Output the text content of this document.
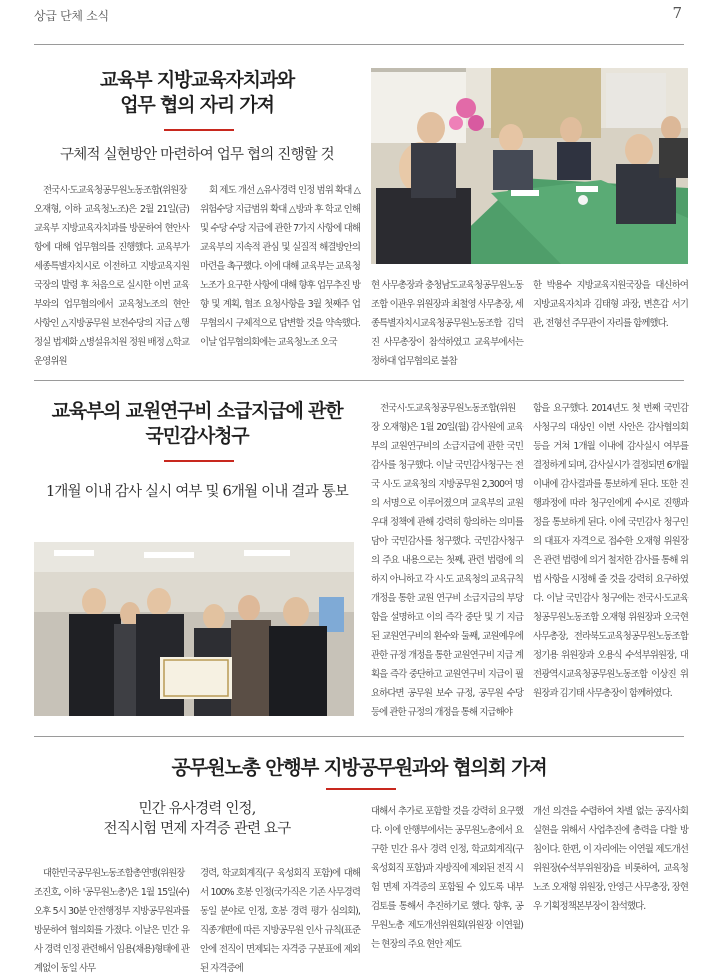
상급 단체 소식	7
교육부 지방교육자치과와
업무 협의 자리 가져
구체적 실현방안 마련하여 업무 협의 진행할 것

전국시·도교육청공무원노동조합(위원장 오재형, 이하 교육청노조)은 2월 21일(금) 교육부 지방교육자치과를 방문하여 현안사항에 대해 업무협의를 진행했다. 교육부가 세종특별자치시로 이전하고 지방교육지원국장의 발령 후 처음으로 실시한 이번 교육부와의 업무협의에서 교육청노조의 현안 사항인 △지방공무원 보전수당의 지급 △행정실 법제화 △병설유치원 정원 배정 △학교운영위원

회 제도 개선 △유사경력 인정 범위 확대 △위험수당 지급범위 확대 △방과 후 학교 인해 및 수당 수당 지급에 관한 7가지 사항에 대해 교육부의 지속적 관심 및 실질적 해결방안의 마련을 촉구했다. 이에 대해 교육부는 교육청노조가 요구한 사항에 대해 향후 업무추진 방향 및 계획, 협조 요청사항을 3월 첫째주 업무협의시 구체적으로 답변할 것을 약속했다. 이날 업무협의회에는 교육청노조 오국

현 사무총장과 충청남도교육청공무원노동조합 이관우 위원장과 최철영 사무총장, 세종특별자치시교육청공무원노동조합 김덕진 사무총장이 참석하였고 교육부에서는 정하대 업무협의로 불참

한 박용수 지방교육지원국장을 대신하여 지방교육자치과 김태형 과장, 변흔갑 서기관, 전형선 주무관이 자리를 함께했다.

교육부의 교원연구비 소급지급에 관한
국민감사청구
1개월 이내 감사 실시 여부 및 6개월 이내 결과 통보

전국시·도교육청공무원노동조합(위원장 오재형)은 1월 20일(월) 감사원에 교육부의 교원연구비의 소급지급에 관한 국민감사를 청구했다. 이날 국민감사청구는 전국 시·도 교육청의 지방공무원 2,300여 명의 서명으로 이루어졌으며 교육부의 교원 우대 정책에 관해 강력히 항의하는 의미를 담아 국민감사를 청구했다. 국민감사청구의 주요 내용으로는 첫째, 관련 법령에 의하지 아니하고 각 시·도 교육청의 교육규칙 개정을 통한 교원 연구비 소급지급의 부당함을 설명하고 이의 즉각 중단 및 기 지급된 교원연구비의 환수와 둘째, 교원예우에 관한 규정 개정을 통한 교원연구비 지급 계획을 즉각 중단하고 교원연구비 지급이 필요하다면 공무원 보수 규정, 공무원 수당 등에 관한 규정의 개정을 통해 지급해야

함을 요구했다. 2014년도 첫 번째 국민감사청구의 대상인 이번 사안은 감사협의회 등을 거쳐 1개월 이내에 감사실시 여부를 결정하게 되며, 감사실시가 결정되면 6개월 이내에 감사결과를 통보하게 된다. 또한 진행과정에 따라 청구인에게 수시로 진행과정을 통보하게 된다. 이에 국민감사 청구인의 대표자 자격으로 접수한 오재형 위원장은 관련 법령에 의거 철저한 감사를 통해 위법 사항을 시정해 줄 것을 강력히 요구하였다. 이날 국민감사 청구에는 전국시·도교육청공무원노동조합 오재형 위원장과 오국현 사무총장, 전라북도교육청공무원노동조합 정기용 위원장과 오용식 수석부위원장, 대전광역시교육청공무원노동조합 이상진 위원장과 김기태 사무총장이 함께하였다.

공무원노총 안행부 지방공무원과와 협의회 가져
민간 유사경력 인정,
전직시험 면제 자격증 관련 요구

대한민국공무원노동조합총연맹(위원장 조진호, 이하 '공무원노총')은 1월 15일(수) 오후 5시 30분 안전행정부 지방공무원과를 방문하여 협의회를 가졌다. 이날은 민간 유사 경력 인정 관련해서 임용(채용)형태에 관계없이 동일 사무

경력, 학교회계직(구 육성회직 포함)에 대해서 100% 호봉 인정(국가직은 기존 사무경력 동일 분야로 인정, 호봉 경력 평가 심의회), 직종개편에 따른 지방공무원 인사 규칙(표준안에 전직이 면제되는 자격증 구분표에 제외된 자격증에

대해서 추가로 포함할 것을 강력히 요구했다. 이에 안행부에서는 공무원노총에서 요구한 민간 유사 경력 인정, 학교회계직(구 육성회직 포함)과 자방직에 제외된 전직 시험 면제 자격증의 포함될 수 있도록 내부 검토를 통해서 추진하기로 했다. 향후, 공무원노총 제도개선위원회(위원장 이연월)는 현장의 주요 현안 제도

개선 의견을 수렴하여 차별 없는 공직사회 실현을 위해서 사업추진에 총력을 다할 방침이다. 한편, 이 자리에는 이연월 제도개선위원장(수석부위원장)을 비롯하여, 교육청노조 오재형 위원장, 안영근 사무총장, 장현우 기획정책본부장이 참석했다.
